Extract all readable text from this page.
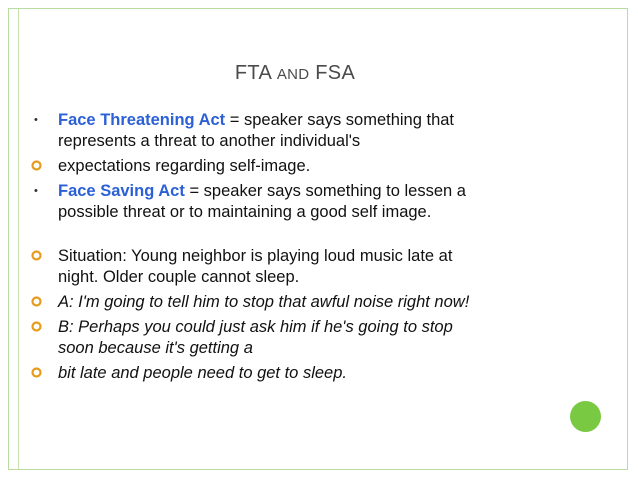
FTA AND FSA
• Face Threatening Act = speaker says something that
represents a threat to another individual's
expectations regarding self-image.
• Face Saving Act = speaker says something to lessen a
possible threat or to maintaining a good self image.
Situation: Young neighbor is playing loud music late at
night. Older couple cannot sleep.
A: I'm going to tell him to stop that awful noise right now!
B: Perhaps you could just ask him if he's going to stop
soon because it's getting a
bit late and people need to get to sleep.
